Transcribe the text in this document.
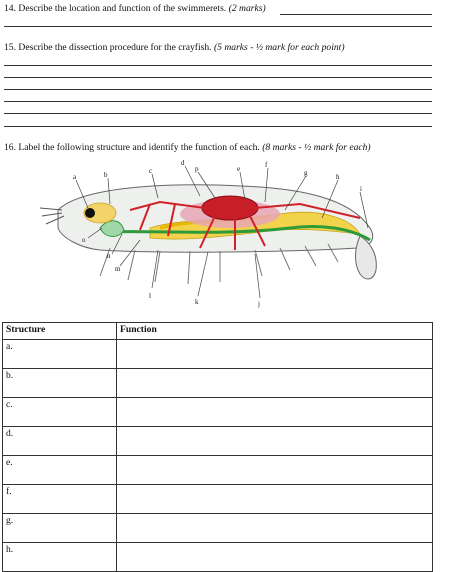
14. Describe the location and function of the swimmerets. (2 marks)
15. Describe the dissection procedure for the crayfish. (5 marks - ½ mark for each point)
16. Label the following structure and identify the function of each. (8 marks - ½ mark for each)
a	b	c
d
p	e	f
g	h
i
o
n
m
l
k	j
Structure	Function
a.	
b.	
c.	
d.	
e.	
f.	
g.	
h.	
